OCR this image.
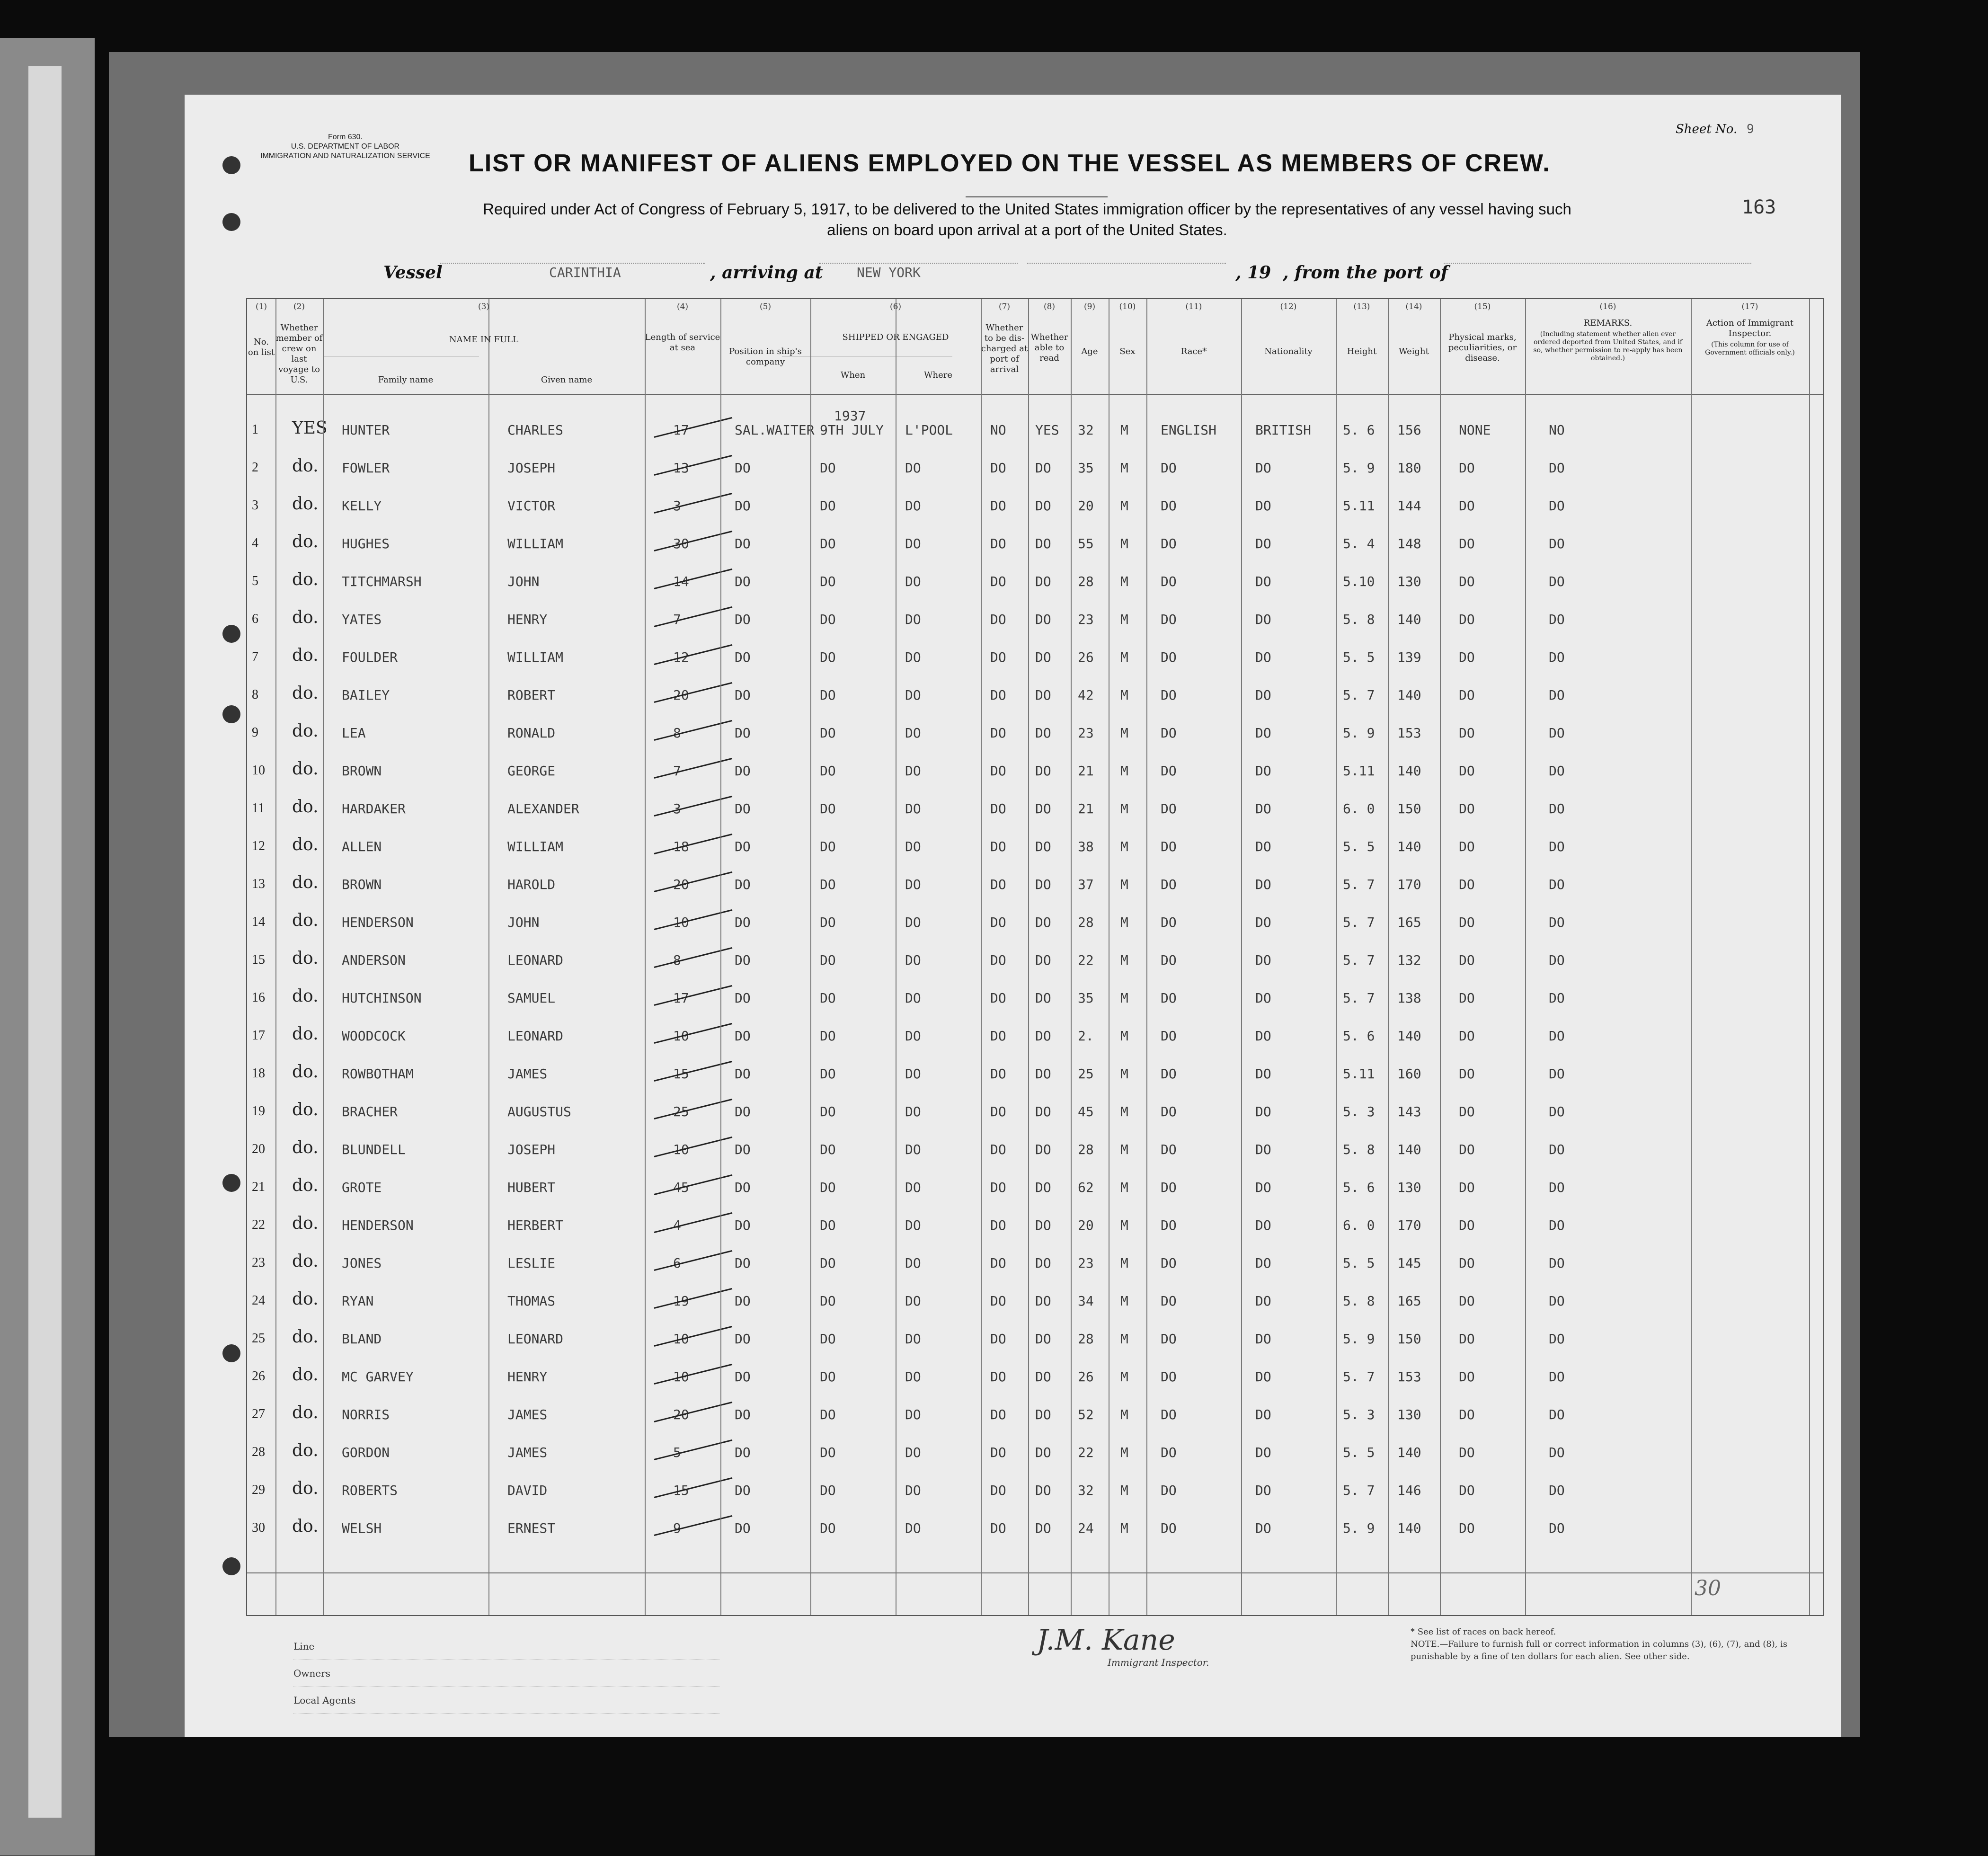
Form 630.
U.S. DEPARTMENT OF LABOR
IMMIGRATION AND NATURALIZATION SERVICE
Sheet No. 9
LIST OR MANIFEST OF ALIENS EMPLOYED ON THE VESSEL AS MEMBERS OF CREW.
Required under Act of Congress of February 5, 1917, to be delivered to the United States immigration officer by the representatives of any vessel having such
aliens on board upon arrival at a port of the United States.
163
Vessel	CARINTHIA	, arriving at	NEW YORK	, 19 , from the port of
(1)
No. on list
(2)
Whether member of crew on last voyage to U.S.
(3)
NAME IN FULL
Family name	Given name
(4)
Length of service at sea
(5)
Position in ship's company
(6)
SHIPPED OR ENGAGED
When	Where
(7)
Whether to be dis-charged at port of arrival
(8)
Whether able to read
(9)
Age
(10)
Sex
(11)
Race*
(12)
Nationality
(13)
Height
(14)
Weight
(15)
Physical marks, peculiarities, or disease.
(16)
REMARKS.
(Including statement whether alien ever ordered deported from United States, and if so, whether permission to re-apply has been obtained.)
(17)
Action of Immigrant Inspector.
(This column for use of Government officials only.)
1937
1 YES HUNTER	CHARLES	17	SAL.WAITER 9TH JULY L'POOL	NO YES 32 M ENGLISH	BRITISH 5. 6 156	NONE	NO
2 do. FOWLER	JOSEPH	13	DO	DO	DO	DO DO 35 M DO	DO	5. 9 180	DO	DO
3 do. KELLY	VICTOR	3	DO	DO	DO	DO DO 20 M DO	DO	5.11 144	DO	DO
4 do. HUGHES	WILLIAM	30	DO	DO	DO	DO DO 55 M DO	DO	5. 4 148	DO	DO
5 do. TITCHMARSH	JOHN	14	DO	DO	DO	DO DO 28 M DO	DO	5.10 130	DO	DO
6 do. YATES	HENRY	7	DO	DO	DO	DO DO 23 M DO	DO	5. 8 140	DO	DO
7 do. FOULDER	WILLIAM	12	DO	DO	DO	DO DO 26 M DO	DO	5. 5 139	DO	DO
8 do. BAILEY	ROBERT	20	DO	DO	DO	DO DO 42 M DO	DO	5. 7 140	DO	DO
9 do. LEA	RONALD	8	DO	DO	DO	DO DO 23 M DO	DO	5. 9 153	DO	DO
10 do. BROWN	GEORGE	7	DO	DO	DO	DO DO 21 M DO	DO	5.11 140	DO	DO
11 do. HARDAKER	ALEXANDER	3	DO	DO	DO	DO DO 21 M DO	DO	6. 0 150	DO	DO
12 do. ALLEN	WILLIAM	18	DO	DO	DO	DO DO 38 M DO	DO	5. 5 140	DO	DO
13 do. BROWN	HAROLD	20	DO	DO	DO	DO DO 37 M DO	DO	5. 7 170	DO	DO
14 do. HENDERSON	JOHN	10	DO	DO	DO	DO DO 28 M DO	DO	5. 7 165	DO	DO
15 do. ANDERSON	LEONARD	8	DO	DO	DO	DO DO 22 M DO	DO	5. 7 132	DO	DO
16 do. HUTCHINSON	SAMUEL	17	DO	DO	DO	DO DO 35 M DO	DO	5. 7 138	DO	DO
17 do. WOODCOCK	LEONARD	10	DO	DO	DO	DO DO 2. M DO	DO	5. 6 140	DO	DO
18 do. ROWBOTHAM	JAMES	15	DO	DO	DO	DO DO 25 M DO	DO	5.11 160	DO	DO
19 do. BRACHER	AUGUSTUS	25	DO	DO	DO	DO DO 45 M DO	DO	5. 3 143	DO	DO
20 do. BLUNDELL	JOSEPH	10	DO	DO	DO	DO DO 28 M DO	DO	5. 8 140	DO	DO
21 do. GROTE	HUBERT	45	DO	DO	DO	DO DO 62 M DO	DO	5. 6 130	DO	DO
22 do. HENDERSON	HERBERT	4	DO	DO	DO	DO DO 20 M DO	DO	6. 0 170	DO	DO
23 do. JONES	LESLIE	6	DO	DO	DO	DO DO 23 M DO	DO	5. 5 145	DO	DO
24 do. RYAN	THOMAS	19	DO	DO	DO	DO DO 34 M DO	DO	5. 8 165	DO	DO
25 do. BLAND	LEONARD	10	DO	DO	DO	DO DO 28 M DO	DO	5. 9 150	DO	DO
26 do. MC GARVEY	HENRY	10	DO	DO	DO	DO DO 26 M DO	DO	5. 7 153	DO	DO
27 do. NORRIS	JAMES	20	DO	DO	DO	DO DO 52 M DO	DO	5. 3 130	DO	DO
28 do. GORDON	JAMES	5	DO	DO	DO	DO DO 22 M DO	DO	5. 5 140	DO	DO
29 do. ROBERTS	DAVID	15	DO	DO	DO	DO DO 32 M DO	DO	5. 7 146	DO	DO
30 do. WELSH	ERNEST	9	DO	DO	DO	DO DO 24 M DO	DO	5. 9 140	DO	DO
30
Line
Owners
Local Agents
J.M. Kane
Immigrant Inspector.
* See list of races on back hereof.
NOTE.—Failure to furnish full or correct information in columns (3), (6), (7), and (8), is punishable by a fine of ten dollars for each alien. See other side.
